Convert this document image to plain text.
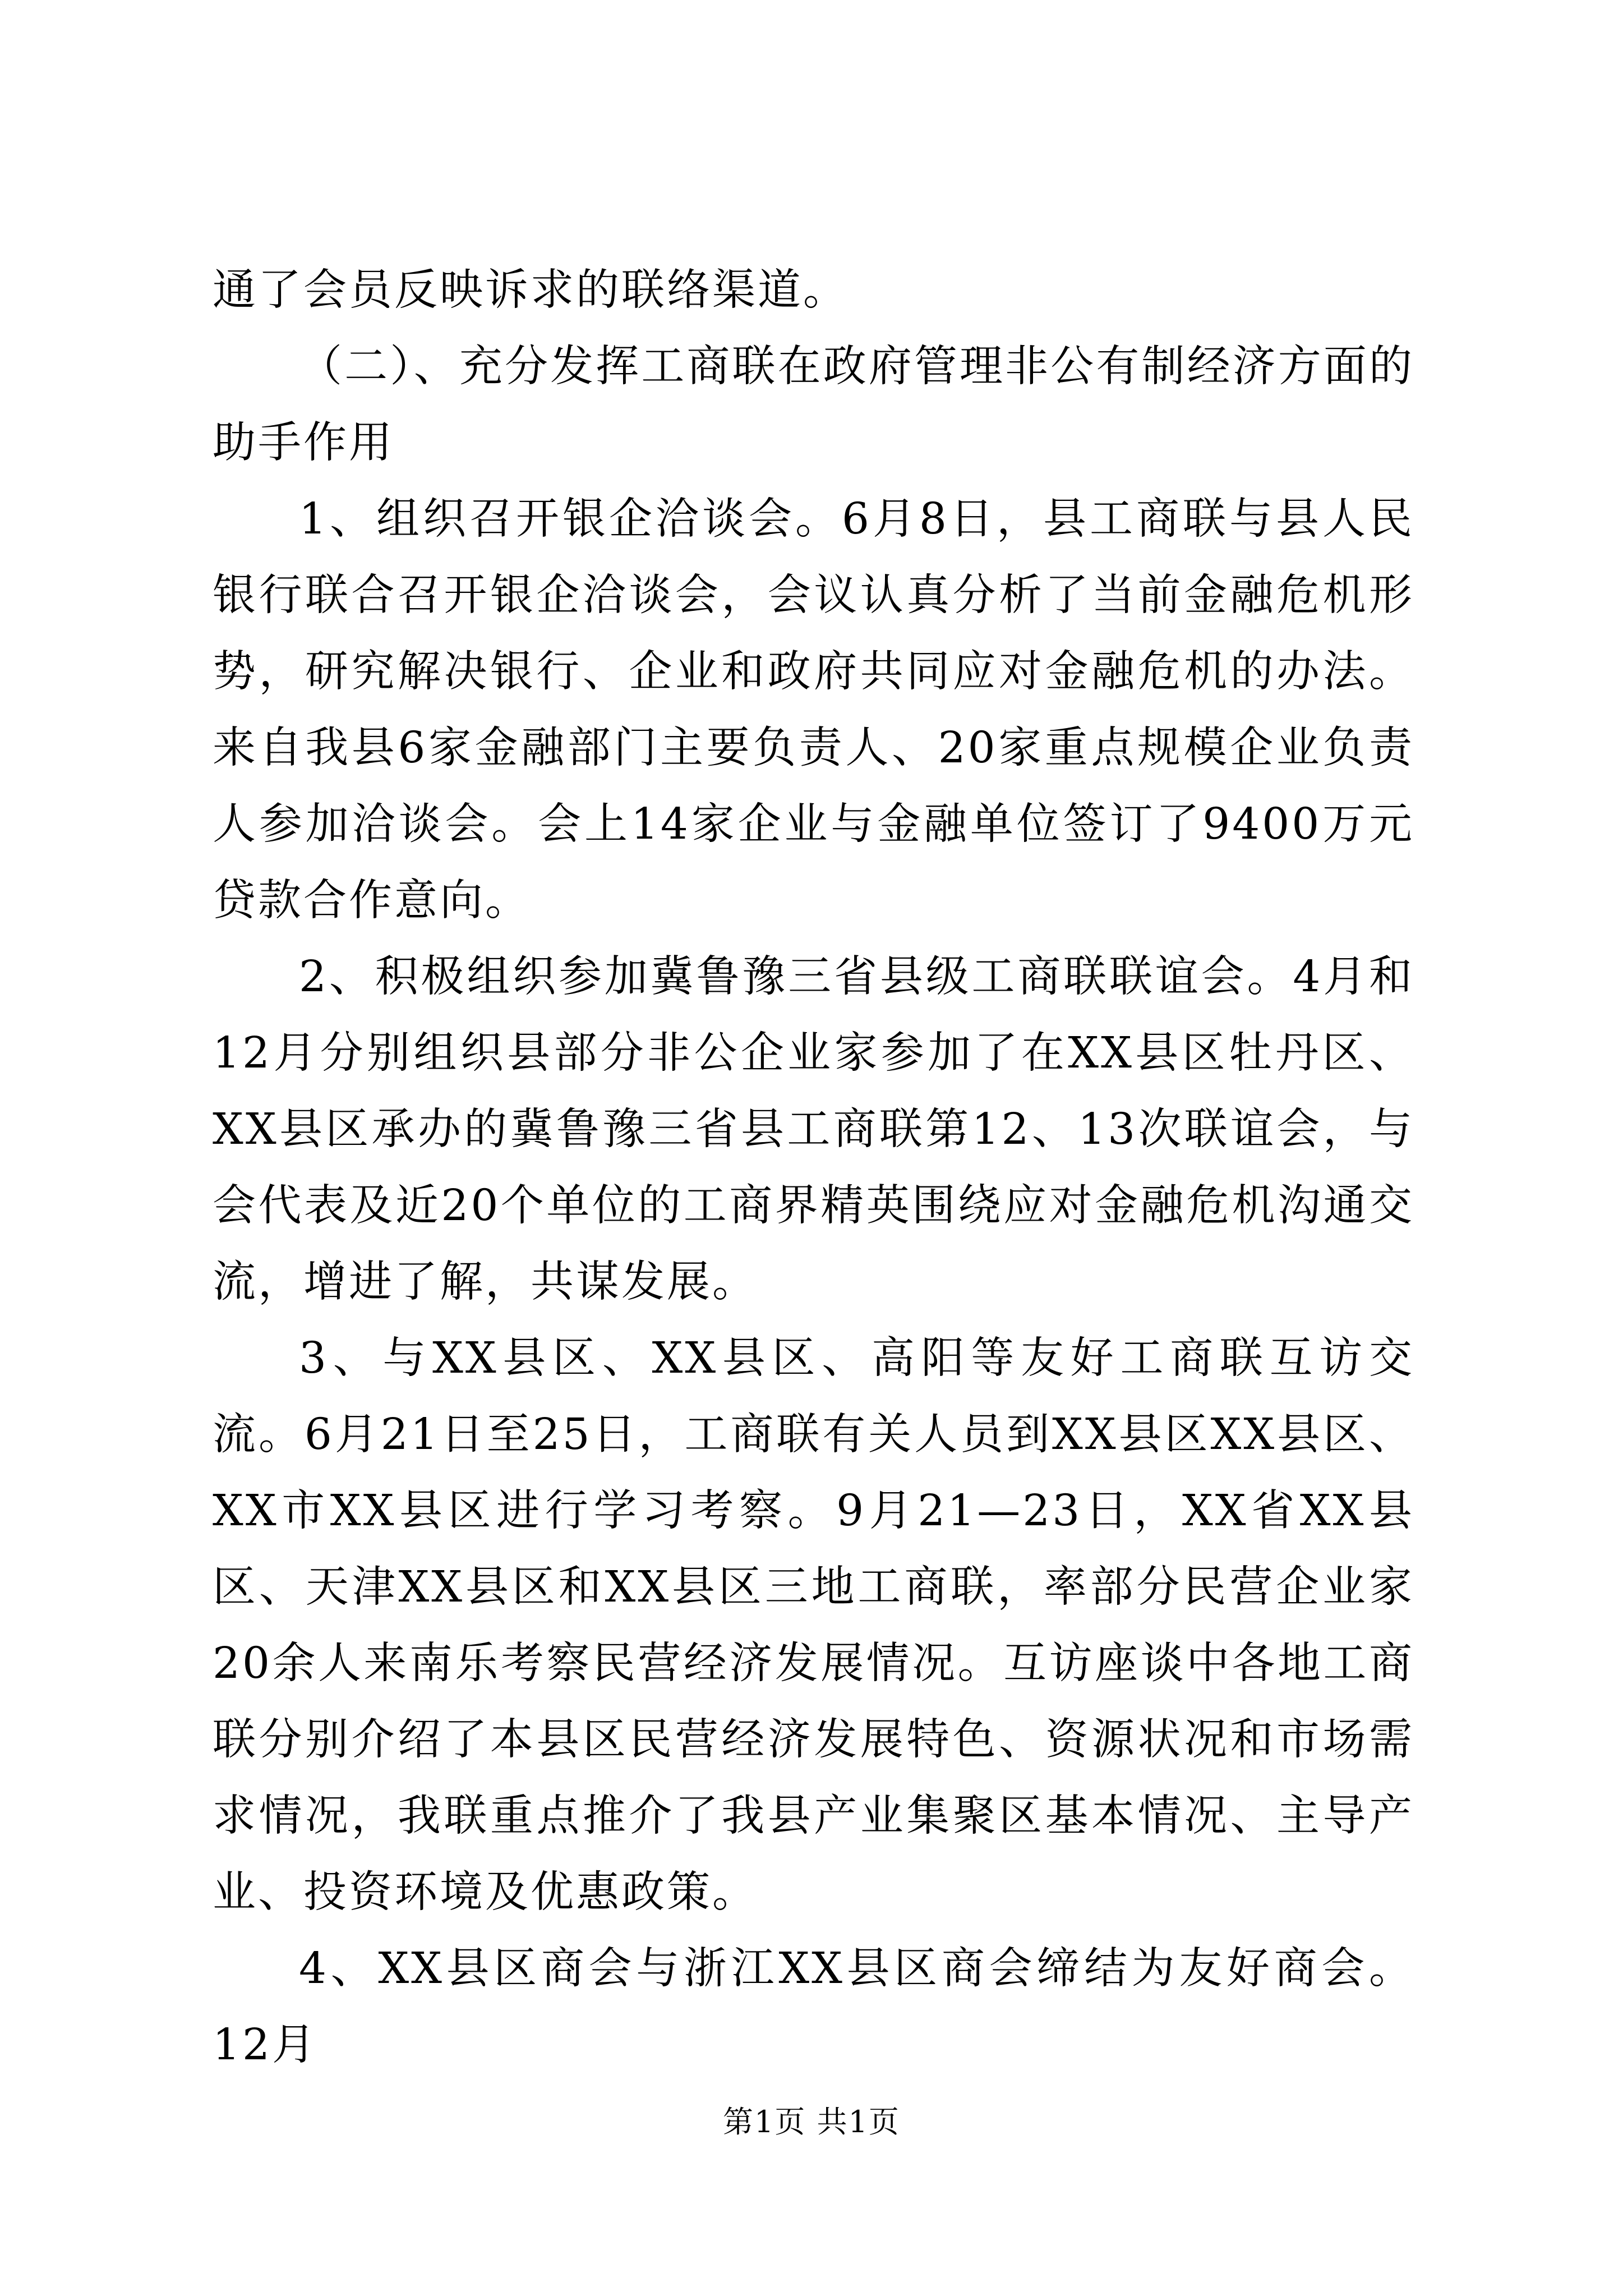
通了会员反映诉求的联络渠道。

（二）、充分发挥工商联在政府管理非公有制经济方面的助手作用

1、组织召开银企洽谈会。6月8日，县工商联与县人民银行联合召开银企洽谈会，会议认真分析了当前金融危机形势，研究解决银行、企业和政府共同应对金融危机的办法。来自我县6家金融部门主要负责人、20家重点规模企业负责人参加洽谈会。会上14家企业与金融单位签订了9400万元贷款合作意向。

2、积极组织参加冀鲁豫三省县级工商联联谊会。4月和12月分别组织县部分非公企业家参加了在XX县区牡丹区、XX县区承办的冀鲁豫三省县工商联第12、13次联谊会，与会代表及近20个单位的工商界精英围绕应对金融危机沟通交流，增进了解，共谋发展。

3、与XX县区、XX县区、高阳等友好工商联互访交流。6月21日至25日，工商联有关人员到XX县区XX县区、XX市XX县区进行学习考察。9月21—23日，XX省XX县区、天津XX县区和XX县区三地工商联，率部分民营企业家20余人来南乐考察民营经济发展情况。互访座谈中各地工商联分别介绍了本县区民营经济发展特色、资源状况和市场需求情况，我联重点推介了我县产业集聚区基本情况、主导产业、投资环境及优惠政策。

4、XX县区商会与浙江XX县区商会缔结为友好商会。12月

第1页 共1页
